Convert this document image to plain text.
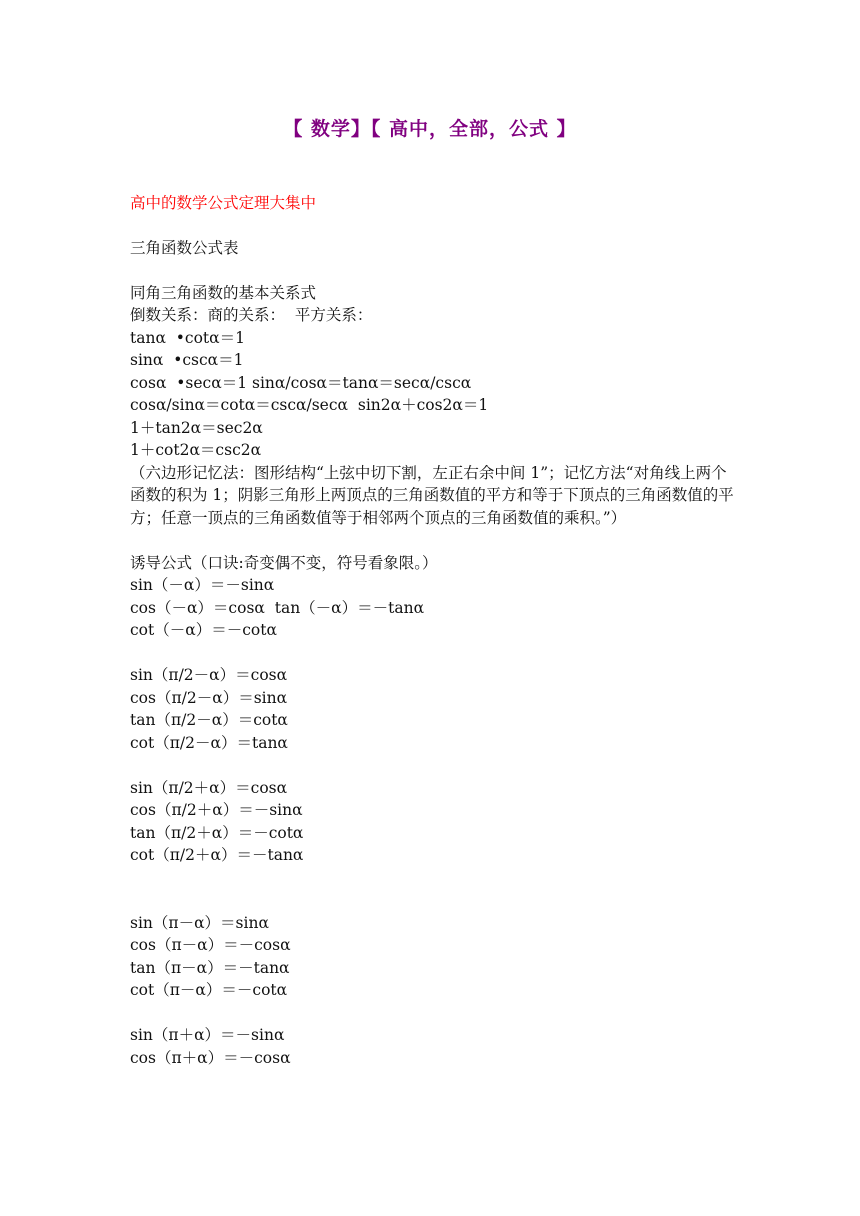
【 数学】【 高中，全部，公式 】
高中的数学公式定理大集中
三角函数公式表
同角三角函数的基本关系式
倒数关系：商的关系：  平方关系：
tanα  •cotα＝1
sinα  •cscα＝1
cosα  •secα＝1 sinα/cosα＝tanα＝secα/cscα
cosα/sinα＝cotα＝cscα/secα  sin2α＋cos2α＝1
1＋tan2α＝sec2α
1＋cot2α＝csc2α
（六边形记忆法：图形结构“上弦中切下割，左正右余中间 1”；记忆方法“对角线上两个函数的积为 1；阴影三角形上两顶点的三角函数值的平方和等于下顶点的三角函数值的平方；任意一顶点的三角函数值等于相邻两个顶点的三角函数值的乘积。”）
诱导公式（口诀:奇变偶不变，符号看象限。）
sin（－α）＝－sinα
cos（－α）＝cosα  tan（－α）＝－tanα
cot（－α）＝－cotα
sin（π/2－α）＝cosα
cos（π/2－α）＝sinα
tan（π/2－α）＝cotα
cot（π/2－α）＝tanα
sin（π/2＋α）＝cosα
cos（π/2＋α）＝－sinα
tan（π/2＋α）＝－cotα
cot（π/2＋α）＝－tanα
sin（π－α）＝sinα
cos（π－α）＝－cosα
tan（π－α）＝－tanα
cot（π－α）＝－cotα
sin（π＋α）＝－sinα
cos（π＋α）＝－cosα
